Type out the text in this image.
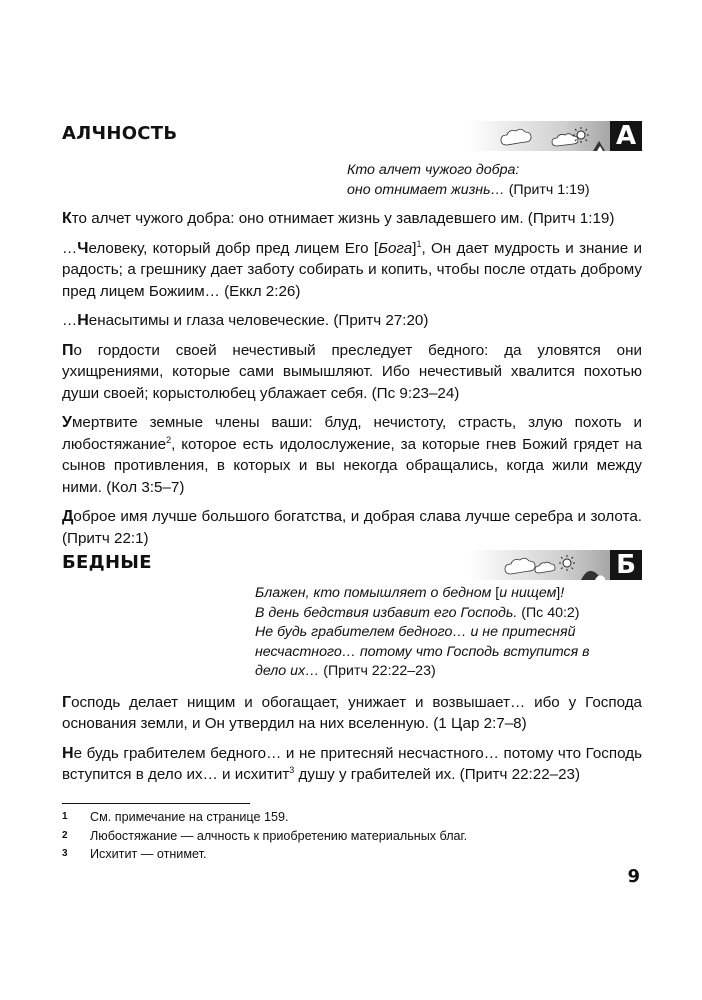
АЛЧНОСТЬ	А
Кто алчет чужого добра:
оно отнимает жизнь… (Притч 1:19)

Кто алчет чужого добра: оно отнимает жизнь у завладевшего им. (Притч 1:19)

…Человеку, который добр пред лицем Его [Бога]$^1$, Он дает мудрость и знание и радость; а грешнику дает заботу собирать и копить, чтобы после отдать доброму пред лицем Божиим… (Еккл 2:26)

…Ненасытимы и глаза человеческие. (Притч 27:20)

По гордости своей нечестивый преследует бедного: да уловятся они ухищрениями, которые сами вымышляют. Ибо нечестивый хвалится похотью души своей; корыстолюбец ублажает себя. (Пс 9:23–24)

Умертвите земные члены ваши: блуд, нечистоту, страсть, злую похоть и любостяжание$^2$, которое есть идолослужение, за которые гнев Божий грядет на сынов противления, в которых и вы некогда обращались, когда жили между ними. (Кол 3:5–7)

Доброе имя лучше большого богатства, и добрая слава лучше серебра и золота. (Притч 22:1)

БЕДНЫЕ	Б
Блажен, кто помышляет о бедном [и нищем]!
В день бедствия избавит его Господь. (Пс 40:2)
Не будь грабителем бедного… и не притесняй
несчастного… потому что Господь вступится в
дело их… (Притч 22:22–23)

Господь делает нищим и обогащает, унижает и возвышает… ибо у Господа основания земли, и Он утвердил на них вселенную. (1 Цар 2:7–8)

Не будь грабителем бедного… и не притесняй несчастного… потому что Господь вступится в дело их… и исхитит$^3$ душу у грабителей их. (Притч 22:22–23)

1 См. примечание на странице 159.
2 Любостяжание — алчность к приобретению материальных благ.
3 Исхитит — отнимет.
9
